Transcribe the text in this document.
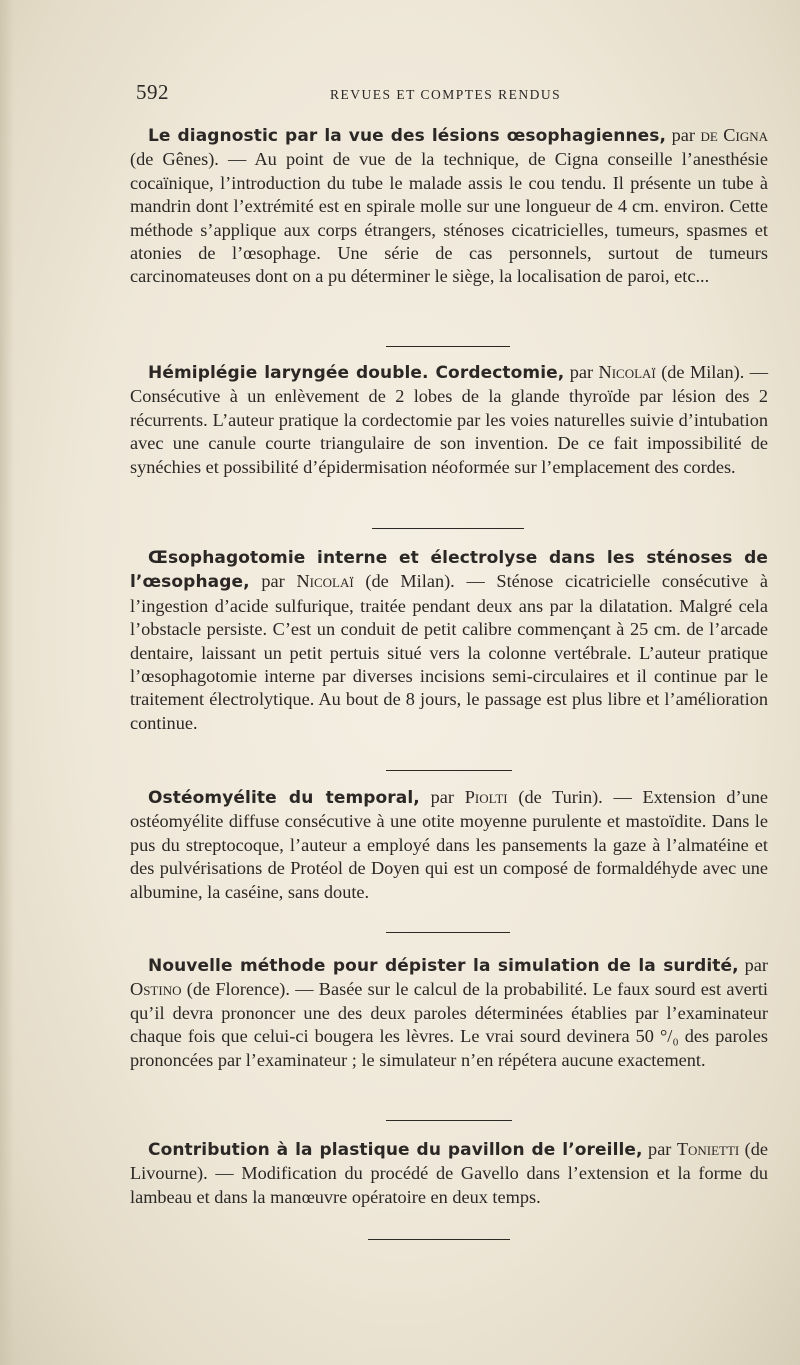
592	REVUES ET COMPTES RENDUS

Le diagnostic par la vue des lésions œsophagiennes, par de Cigna (de Gênes). — Au point de vue de la technique, de Cigna conseille l’anesthésie cocaïnique, l’introduction du tube le malade assis le cou tendu. Il présente un tube à mandrin dont l’extrémité est en spirale molle sur une longueur de 4 cm. environ. Cette méthode s’applique aux corps étrangers, sténoses cicatricielles, tumeurs, spasmes et atonies de l’œsophage. Une série de cas personnels, surtout de tumeurs carcinomateuses dont on a pu déterminer le siège, la localisation de paroi, etc...

Hémiplégie laryngée double. Cordectomie, par Nicolaï (de Milan). — Consécutive à un enlèvement de 2 lobes de la glande thyroïde par lésion des 2 récurrents. L’auteur pratique la cordectomie par les voies naturelles suivie d’intubation avec une canule courte triangulaire de son invention. De ce fait impossibilité de synéchies et possibilité d’épidermisation néoformée sur l’emplacement des cordes.

Œsophagotomie interne et électrolyse dans les sténoses de l’œsophage, par Nicolaï (de Milan). — Sténose cicatricielle consécutive à l’ingestion d’acide sulfurique, traitée pendant deux ans par la dilatation. Malgré cela l’obstacle persiste. C’est un conduit de petit calibre commençant à 25 cm. de l’arcade dentaire, laissant un petit pertuis situé vers la colonne vertébrale. L’auteur pratique l’œsophagotomie interne par diverses incisions semi-circulaires et il continue par le traitement électrolytique. Au bout de 8 jours, le passage est plus libre et l’amélioration continue.

Ostéomyélite du temporal, par Piolti (de Turin). — Extension d’une ostéomyélite diffuse consécutive à une otite moyenne purulente et mastoïdite. Dans le pus du streptocoque, l’auteur a employé dans les pansements la gaze à l’almatéine et des pulvérisations de Protéol de Doyen qui est un composé de formaldéhyde avec une albumine, la caséine, sans doute.

Nouvelle méthode pour dépister la simulation de la surdité, par Ostino (de Florence). — Basée sur le calcul de la probabilité. Le faux sourd est averti qu’il devra prononcer une des deux paroles déterminées établies par l’examinateur chaque fois que celui-ci bougera les lèvres. Le vrai sourd devinera 50 °/₀ des paroles prononcées par l’examinateur ; le simulateur n’en répétera aucune exactement.

Contribution à la plastique du pavillon de l’oreille, par Tonietti (de Livourne). — Modification du procédé de Gavello dans l’extension et la forme du lambeau et dans la manœuvre opératoire en deux temps.
